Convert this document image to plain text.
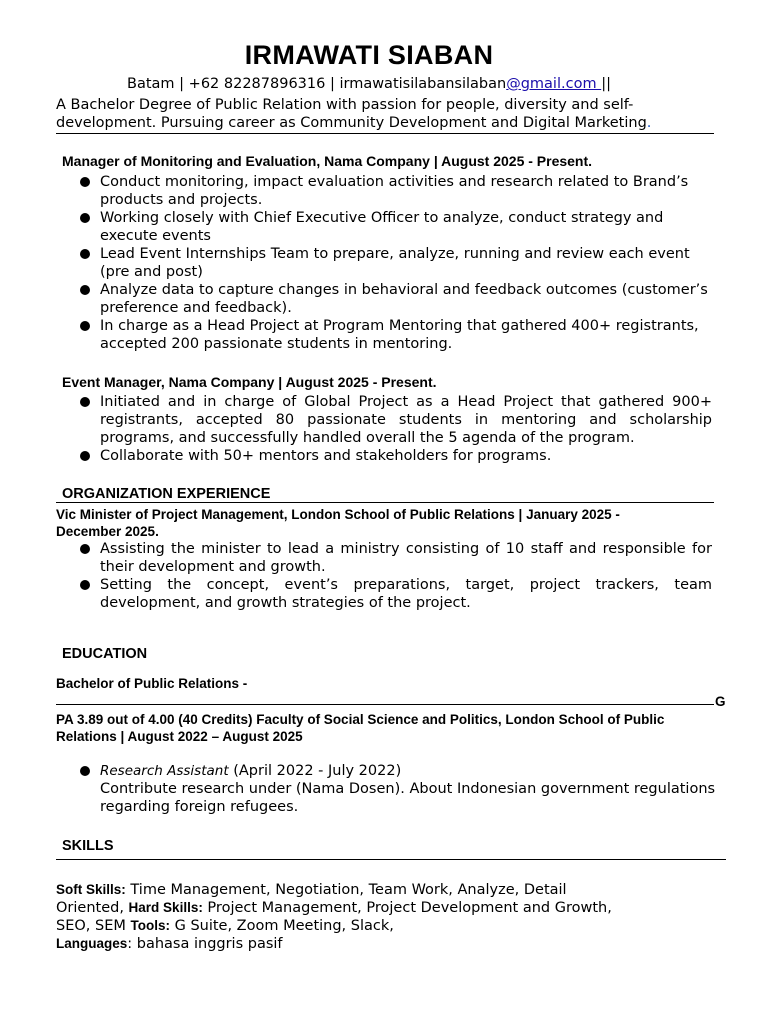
IRMAWATI SIABAN
Batam | +62 82287896316 | irmawatisilabansilaban@gmail.com ||
A Bachelor Degree of Public Relation with passion for people, diversity and self-development. Pursuing career as Community Development and Digital Marketing.
Manager of Monitoring and Evaluation, Nama Company | August 2025 - Present.
Conduct monitoring, impact evaluation activities and research related to Brand’s products and projects.
Working closely with Chief Executive Officer to analyze, conduct strategy and execute events
Lead Event Internships Team to prepare, analyze, running and review each event (pre and post)
Analyze data to capture changes in behavioral and feedback outcomes (customer’s preference and feedback).
In charge as a Head Project at Program Mentoring that gathered 400+ registrants, accepted 200 passionate students in mentoring.
Event Manager, Nama Company | August 2025 - Present.
Initiated and in charge of Global Project as a Head Project that gathered 900+ registrants, accepted 80 passionate students in mentoring and scholarship programs, and successfully handled overall the 5 agenda of the program.
Collaborate with 50+ mentors and stakeholders for programs.
ORGANIZATION EXPERIENCE
Vic Minister of Project Management, London School of Public Relations | January 2025 - December 2025.
Assisting the minister to lead a ministry consisting of 10 staff and responsible for their development and growth.
Setting the concept, event’s preparations, target, project trackers, team development, and growth strategies of the project.
EDUCATION
Bachelor of Public Relations -
G
PA 3.89 out of 4.00 (40 Credits) Faculty of Social Science and Politics, London School of Public Relations | August 2022 – August 2025
Research Assistant (April 2022 - July 2022)
Contribute research under (Nama Dosen). About Indonesian government regulations regarding foreign refugees.
SKILLS
Soft Skills: Time Management, Negotiation, Team Work, Analyze, Detail Oriented, Hard Skills: Project Management, Project Development and Growth, SEO, SEM Tools: G Suite, Zoom Meeting, Slack,
Languages: bahasa inggris pasif
